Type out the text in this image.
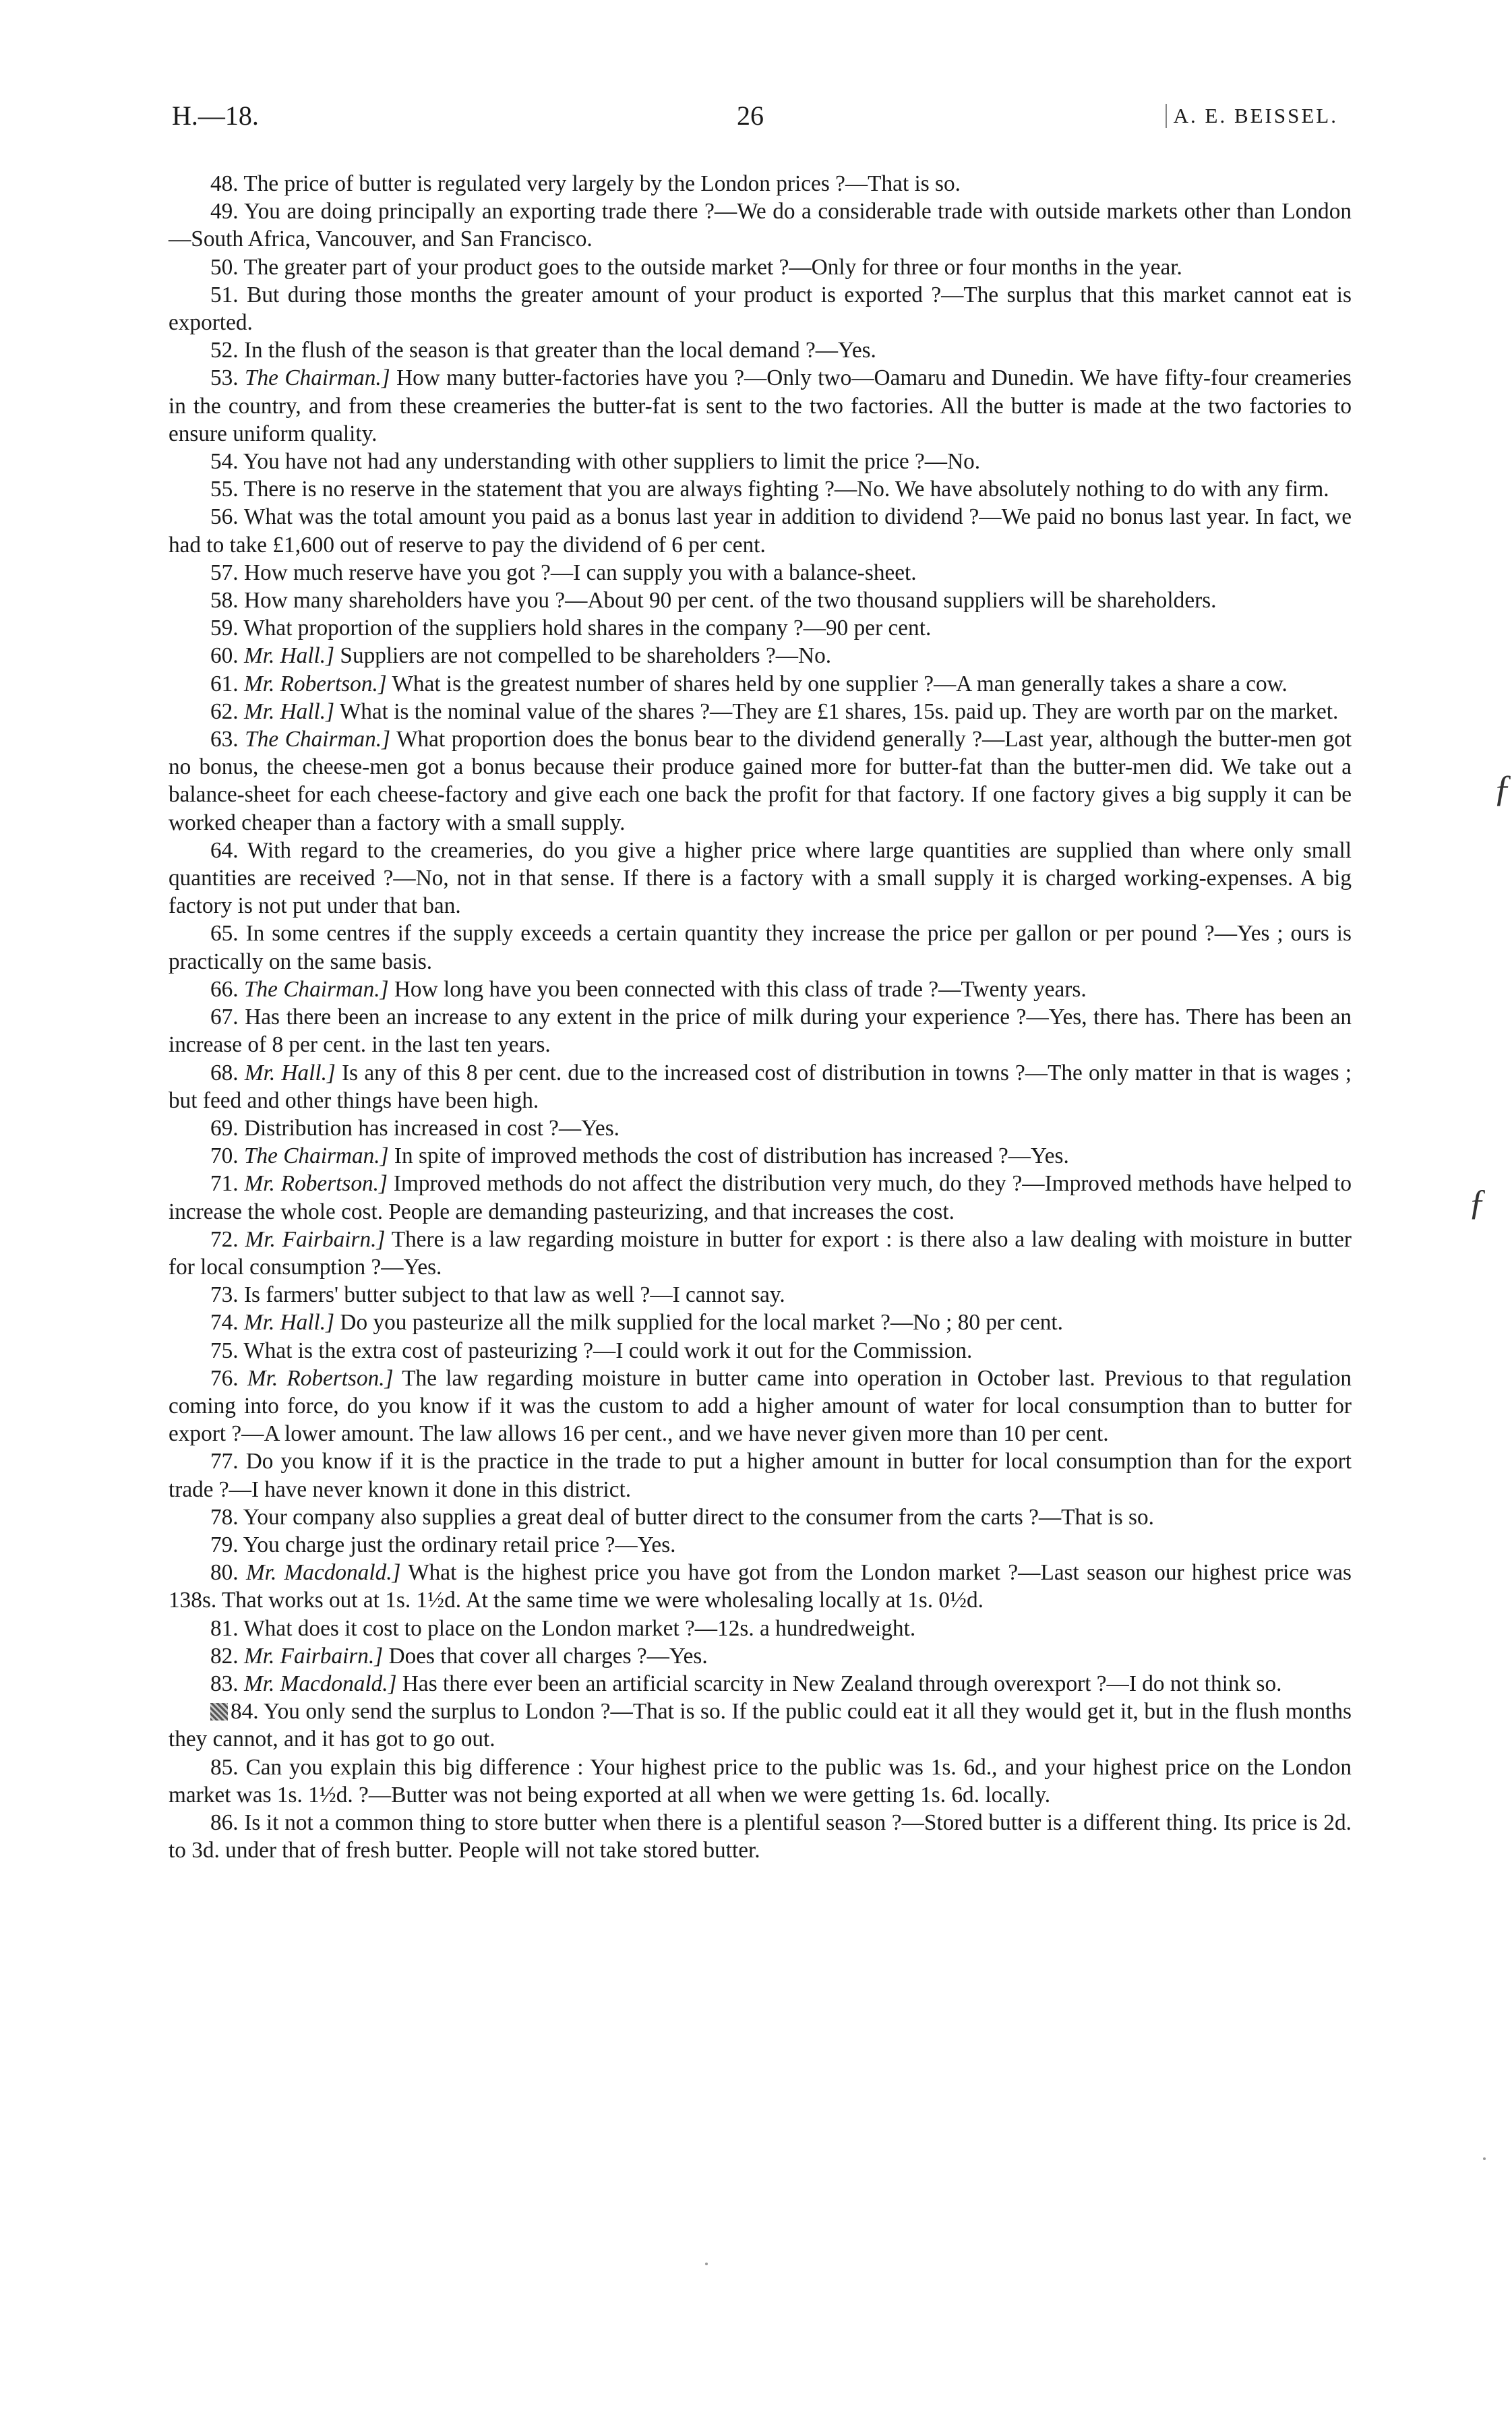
H.—18.	26	A. E. BEISSEL.

48. The price of butter is regulated very largely by the London prices ?—That is so.

49. You are doing principally an exporting trade there ?—We do a considerable trade with outside markets other than London—South Africa, Vancouver, and San Francisco.

50. The greater part of your product goes to the outside market ?—Only for three or four months in the year.

51. But during those months the greater amount of your product is exported ?—The surplus that this market cannot eat is exported.

52. In the flush of the season is that greater than the local demand ?—Yes.

53. The Chairman.] How many butter-factories have you ?—Only two—Oamaru and Dunedin. We have fifty-four creameries in the country, and from these creameries the butter-fat is sent to the two factories. All the butter is made at the two factories to ensure uniform quality.

54. You have not had any understanding with other suppliers to limit the price ?—No.

55. There is no reserve in the statement that you are always fighting ?—No. We have absolutely nothing to do with any firm.

56. What was the total amount you paid as a bonus last year in addition to dividend ?—We paid no bonus last year. In fact, we had to take £1,600 out of reserve to pay the dividend of 6 per cent.

57. How much reserve have you got ?—I can supply you with a balance-sheet.

58. How many shareholders have you ?—About 90 per cent. of the two thousand suppliers will be shareholders.

59. What proportion of the suppliers hold shares in the company ?—90 per cent.

60. Mr. Hall.] Suppliers are not compelled to be shareholders ?—No.

61. Mr. Robertson.] What is the greatest number of shares held by one supplier ?—A man generally takes a share a cow.

62. Mr. Hall.] What is the nominal value of the shares ?—They are £1 shares, 15s. paid up. They are worth par on the market.

63. The Chairman.] What proportion does the bonus bear to the dividend generally ?—Last year, although the butter-men got no bonus, the cheese-men got a bonus because their produce gained more for butter-fat than the butter-men did. We take out a balance-sheet for each cheese-factory and give each one back the profit for that factory. If one factory gives a big supply it can be worked cheaper than a factory with a small supply.

64. With regard to the creameries, do you give a higher price where large quantities are supplied than where only small quantities are received ?—No, not in that sense. If there is a factory with a small supply it is charged working-expenses. A big factory is not put under that ban.

65. In some centres if the supply exceeds a certain quantity they increase the price per gallon or per pound ?—Yes ; ours is practically on the same basis.

66. The Chairman.] How long have you been connected with this class of trade ?—Twenty years.

67. Has there been an increase to any extent in the price of milk during your experience ?—Yes, there has. There has been an increase of 8 per cent. in the last ten years.

68. Mr. Hall.] Is any of this 8 per cent. due to the increased cost of distribution in towns ?—The only matter in that is wages ; but feed and other things have been high.

69. Distribution has increased in cost ?—Yes.

70. The Chairman.] In spite of improved methods the cost of distribution has increased ?—Yes.

71. Mr. Robertson.] Improved methods do not affect the distribution very much, do they ?—Improved methods have helped to increase the whole cost. People are demanding pasteurizing, and that increases the cost.

72. Mr. Fairbairn.] There is a law regarding moisture in butter for export : is there also a law dealing with moisture in butter for local consumption ?—Yes.

73. Is farmers' butter subject to that law as well ?—I cannot say.

74. Mr. Hall.] Do you pasteurize all the milk supplied for the local market ?—No ; 80 per cent.

75. What is the extra cost of pasteurizing ?—I could work it out for the Commission.

76. Mr. Robertson.] The law regarding moisture in butter came into operation in October last. Previous to that regulation coming into force, do you know if it was the custom to add a higher amount of water for local consumption than to butter for export ?—A lower amount. The law allows 16 per cent., and we have never given more than 10 per cent.

77. Do you know if it is the practice in the trade to put a higher amount in butter for local consumption than for the export trade ?—I have never known it done in this district.

78. Your company also supplies a great deal of butter direct to the consumer from the carts ?—That is so.

79. You charge just the ordinary retail price ?—Yes.

80. Mr. Macdonald.] What is the highest price you have got from the London market ?—Last season our highest price was 138s. That works out at 1s. 1½d. At the same time we were wholesaling locally at 1s. 0½d.

81. What does it cost to place on the London market ?—12s. a hundredweight.

82. Mr. Fairbairn.] Does that cover all charges ?—Yes.

83. Mr. Macdonald.] Has there ever been an artificial scarcity in New Zealand through overexport ?—I do not think so.

84. You only send the surplus to London ?—That is so. If the public could eat it all they would get it, but in the flush months they cannot, and it has got to go out.

85. Can you explain this big difference : Your highest price to the public was 1s. 6d., and your highest price on the London market was 1s. 1½d. ?—Butter was not being exported at all when we were getting 1s. 6d. locally.

86. Is it not a common thing to store butter when there is a plentiful season ?—Stored butter is a different thing. Its price is 2d. to 3d. under that of fresh butter. People will not take stored butter.

ƒ
ƒ
